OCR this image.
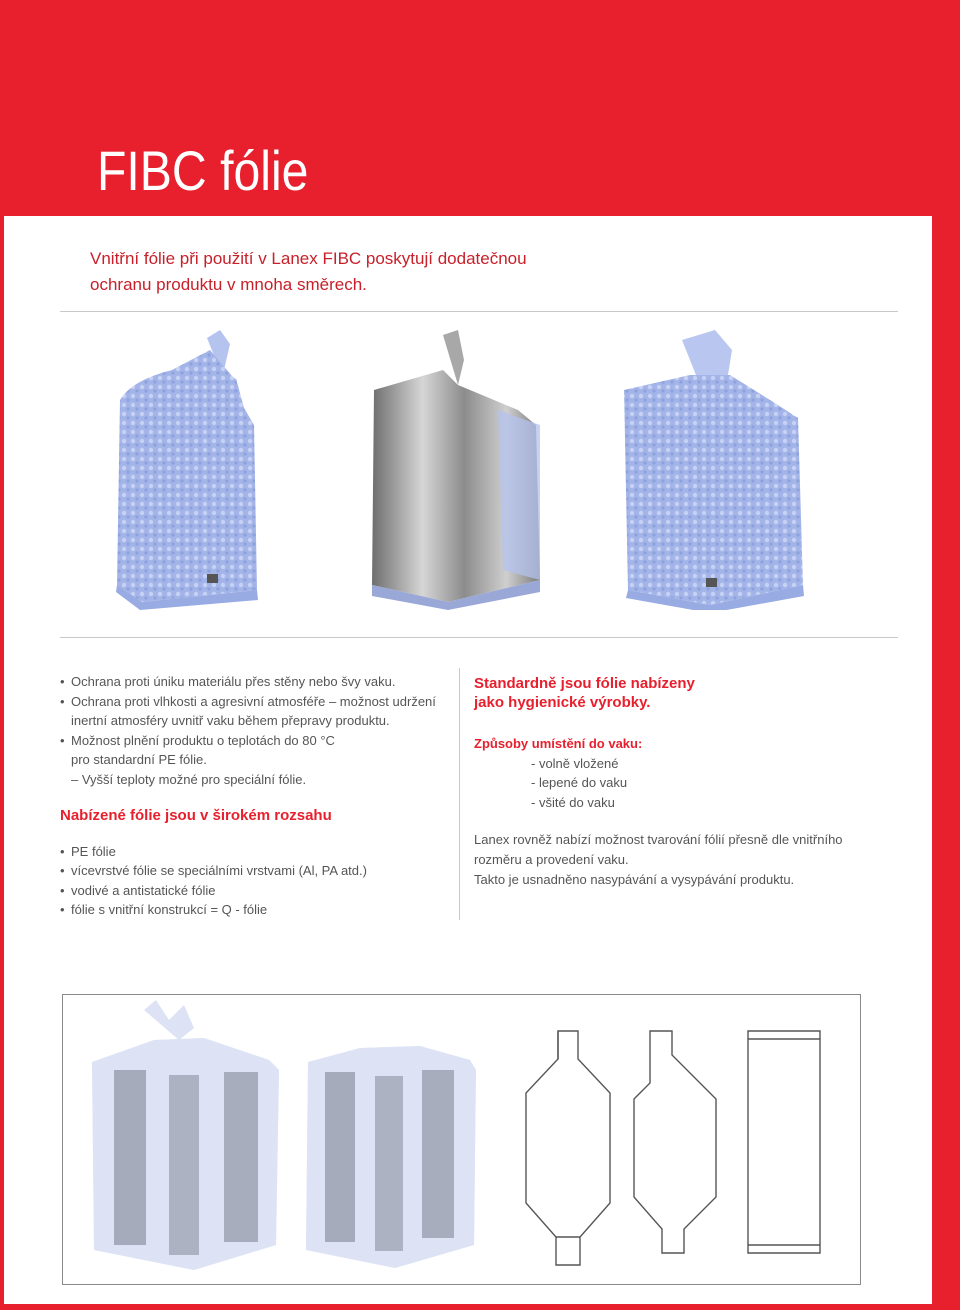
FIBC fólie
Vnitřní fólie při použití v Lanex FIBC poskytují dodatečnou
ochranu produktu v mnoha směrech.
• Ochrana proti úniku materiálu přes stěny nebo švy vaku.
• Ochrana proti vlhkosti a agresivní atmosféře – možnost udržení
inertní atmosféry uvnitř vaku během přepravy produktu.
• Možnost plnění produktu o teplotách do 80 °C
pro standardní PE fólie.
– Vyšší teploty možné pro speciální fólie.
Nabízené fólie jsou v širokém rozsahu
• PE fólie
• vícevrstvé fólie se speciálními vrstvami (Al, PA atd.)
• vodivé a antistatické fólie
• fólie s vnitřní konstrukcí = Q - fólie
Standardně jsou fólie nabízeny
jako hygienické výrobky.
Způsoby umístění do vaku:
- volně vložené
- lepené do vaku
- všité do vaku
Lanex rovněž nabízí možnost tvarování fólií přesně dle vnitřního
rozměru a provedení vaku.
Takto je usnadněno nasypávání a vysypávání produktu.
